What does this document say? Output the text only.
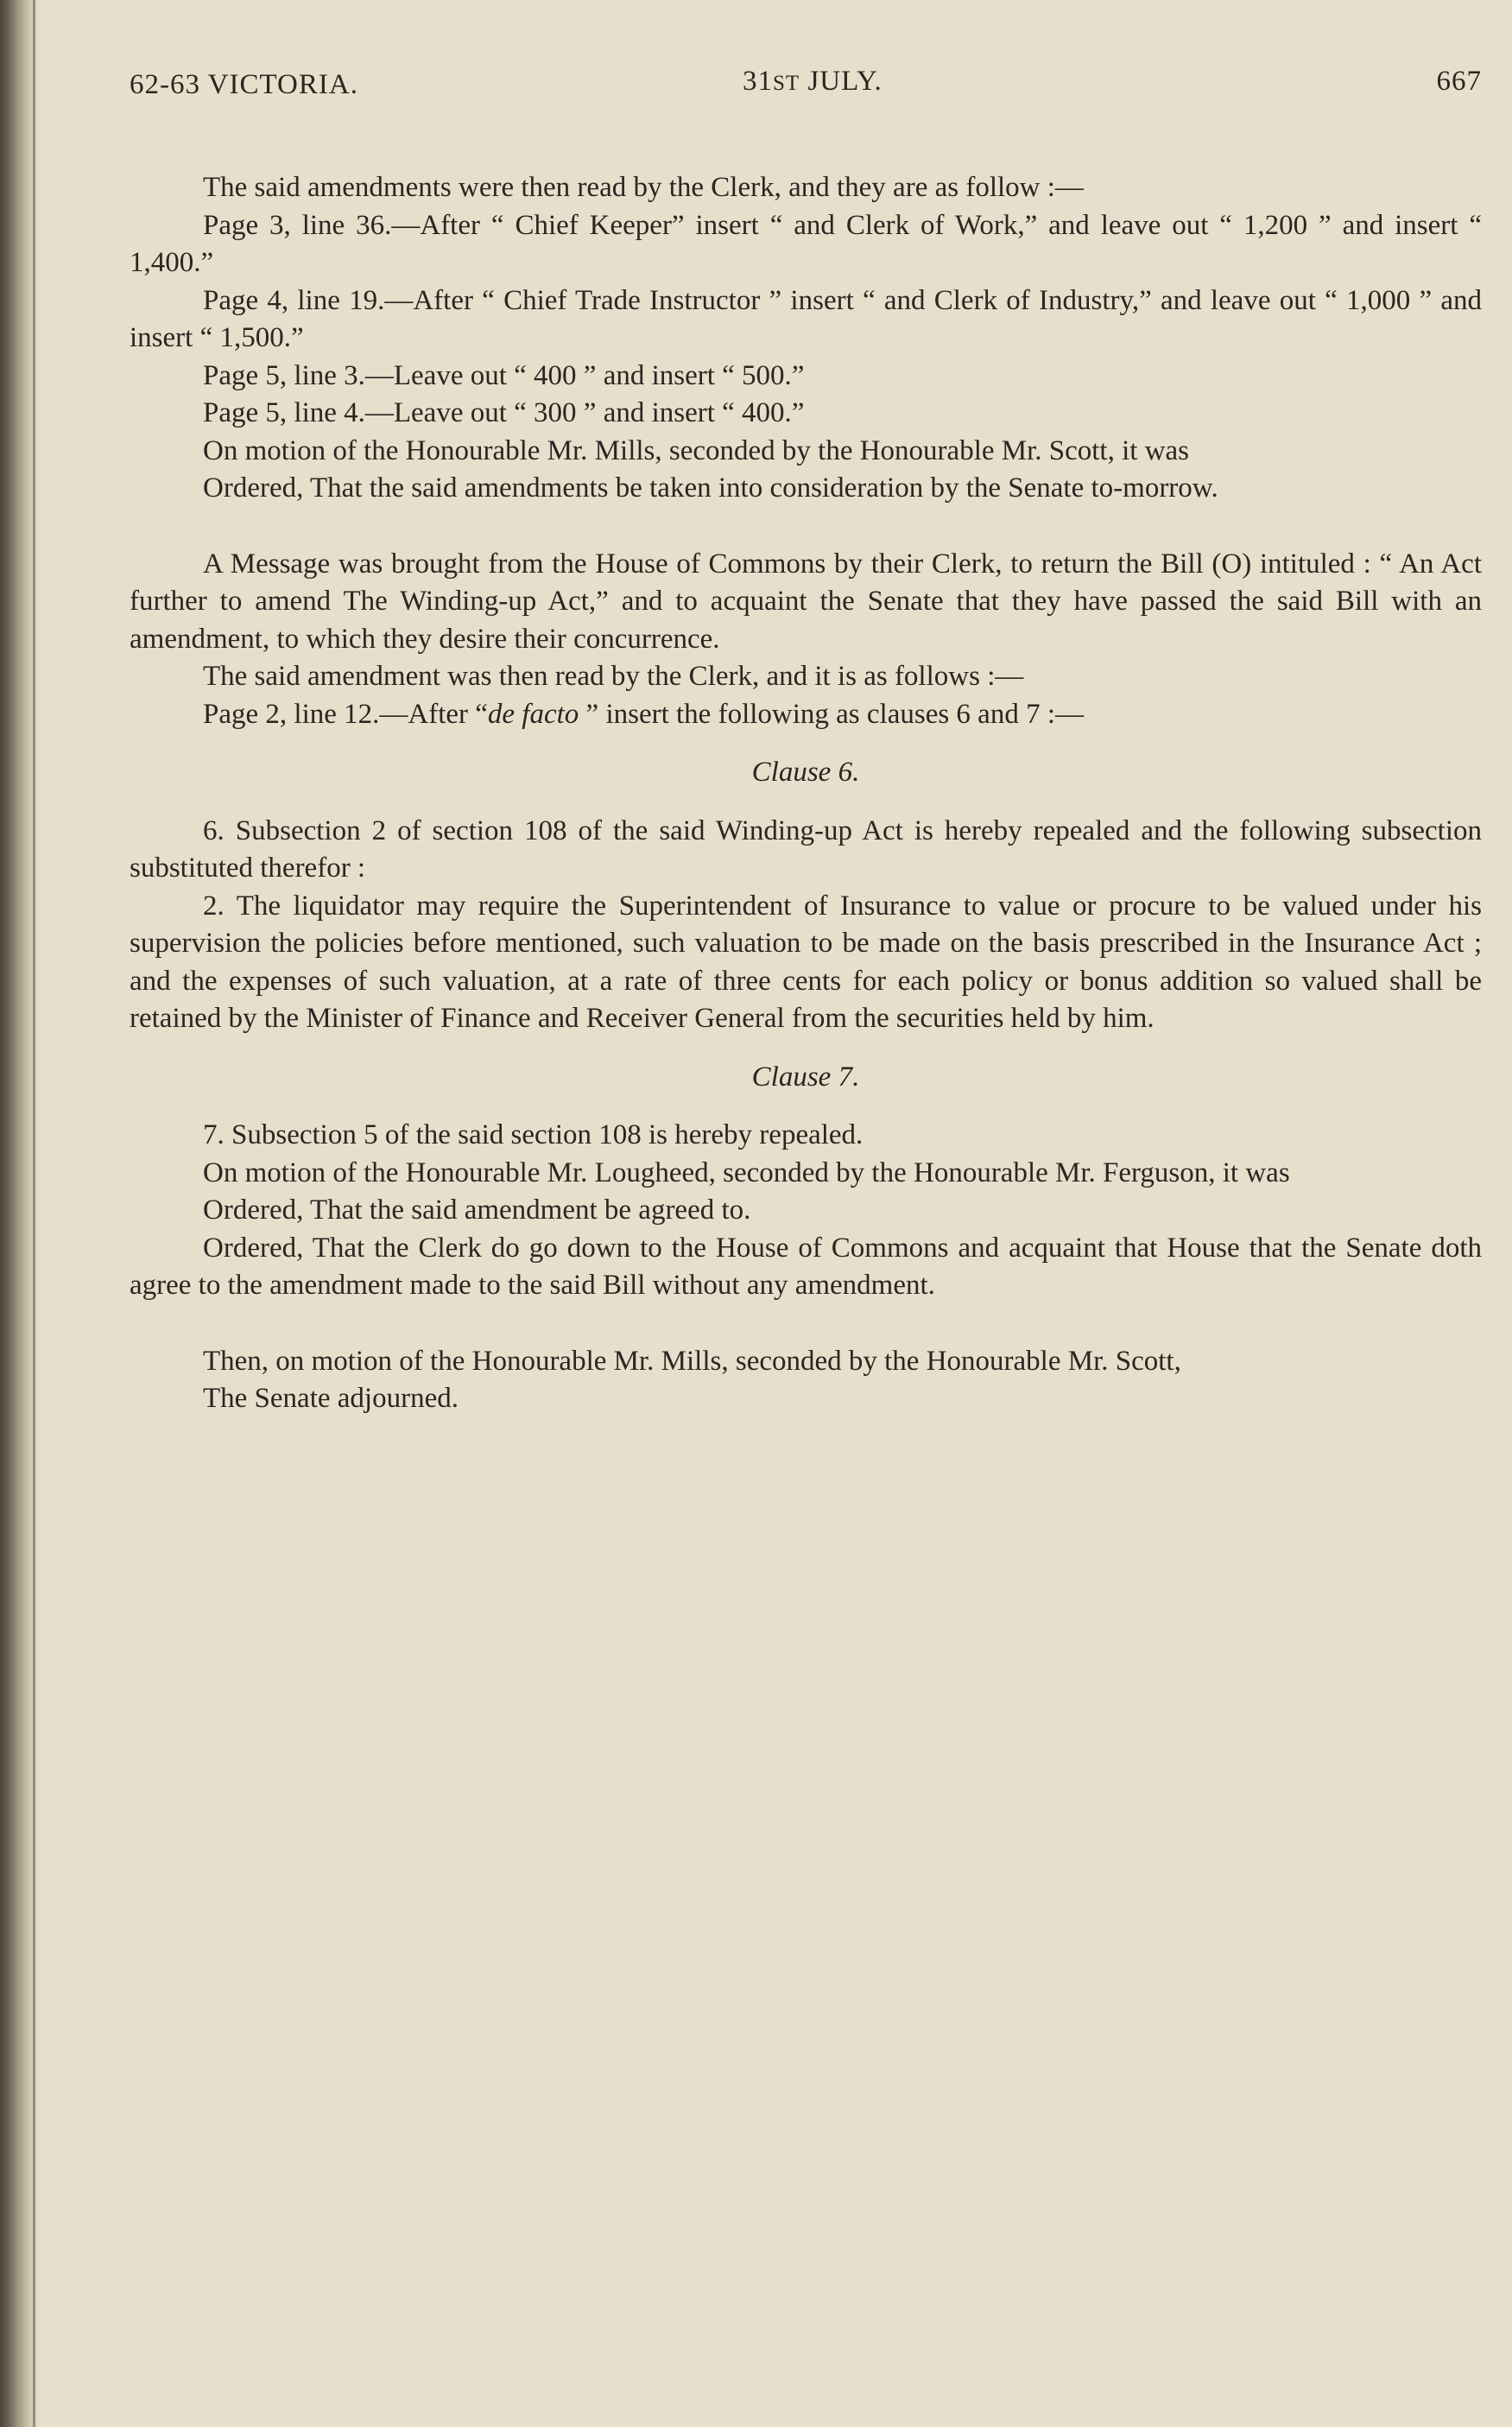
62-63 VICTORIA.	31ST JULY.	667

The said amendments were then read by the Clerk, and they are as follow :—

Page 3, line 36.—After “ Chief Keeper” insert “ and Clerk of Work,” and leave out “ 1,200 ” and insert “ 1,400.”

Page 4, line 19.—After “ Chief Trade Instructor ” insert “ and Clerk of Industry,” and leave out “ 1,000 ” and insert “ 1,500.”

Page 5, line 3.—Leave out “ 400 ” and insert “ 500.”

Page 5, line 4.—Leave out “ 300 ” and insert “ 400.”

On motion of the Honourable Mr. Mills, seconded by the Honourable Mr. Scott, it was

Ordered, That the said amendments be taken into consideration by the Senate to-morrow.

A Message was brought from the House of Commons by their Clerk, to return the Bill (O) intituled : “ An Act further to amend The Winding-up Act,” and to acquaint the Senate that they have passed the said Bill with an amendment, to which they desire their concurrence.

The said amendment was then read by the Clerk, and it is as follows :—

Page 2, line 12.—After “de facto ” insert the following as clauses 6 and 7 :—

Clause 6.

6. Subsection 2 of section 108 of the said Winding-up Act is hereby repealed and the following subsection substituted therefor :

2. The liquidator may require the Superintendent of Insurance to value or procure to be valued under his supervision the policies before mentioned, such valuation to be made on the basis prescribed in the Insurance Act ; and the expenses of such valuation, at a rate of three cents for each policy or bonus addition so valued shall be retained by the Minister of Finance and Receiver General from the securities held by him.

Clause 7.

7. Subsection 5 of the said section 108 is hereby repealed.

On motion of the Honourable Mr. Lougheed, seconded by the Honourable Mr. Ferguson, it was

Ordered, That the said amendment be agreed to.

Ordered, That the Clerk do go down to the House of Commons and acquaint that House that the Senate doth agree to the amendment made to the said Bill without any amendment.

Then, on motion of the Honourable Mr. Mills, seconded by the Honourable Mr. Scott,

The Senate adjourned.
